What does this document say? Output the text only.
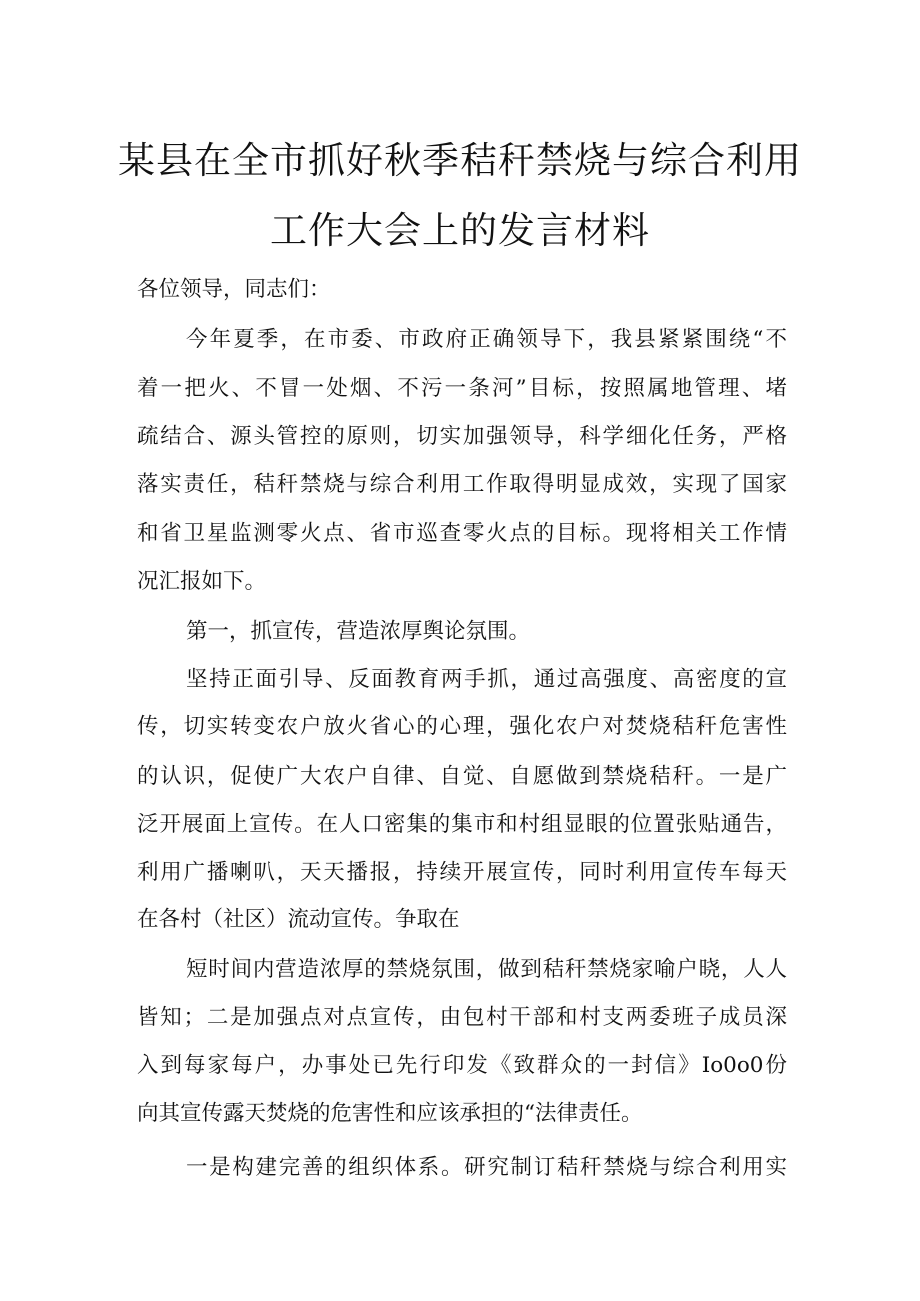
某县在全市抓好秋季秸秆禁烧与综合利用
工作大会上的发言材料
各位领导，同志们：
今年夏季，在市委、市政府正确领导下，我县紧紧围绕“不
着一把火、不冒一处烟、不污一条河”目标，按照属地管理、堵
疏结合、源头管控的原则，切实加强领导，科学细化任务，严格
落实责任，秸秆禁烧与综合利用工作取得明显成效，实现了国家
和省卫星监测零火点、省市巡查零火点的目标。现将相关工作情
况汇报如下。
第一，抓宣传，营造浓厚舆论氛围。
坚持正面引导、反面教育两手抓，通过高强度、高密度的宣
传，切实转变农户放火省心的心理，强化农户对焚烧秸秆危害性
的认识，促使广大农户自律、自觉、自愿做到禁烧秸秆。一是广
泛开展面上宣传。在人口密集的集市和村组显眼的位置张贴通告，
利用广播喇叭，天天播报，持续开展宣传，同时利用宣传车每天
在各村（社区）流动宣传。争取在
短时间内营造浓厚的禁烧氛围，做到秸秆禁烧家喻户晓，人人
皆知；二是加强点对点宣传，由包村干部和村支两委班子成员深
入到每家每户，办事处已先行印发《致群众的一封信》Io0o0份
向其宣传露天焚烧的危害性和应该承担的“法律责任。
一是构建完善的组织体系。研究制订秸秆禁烧与综合利用实
